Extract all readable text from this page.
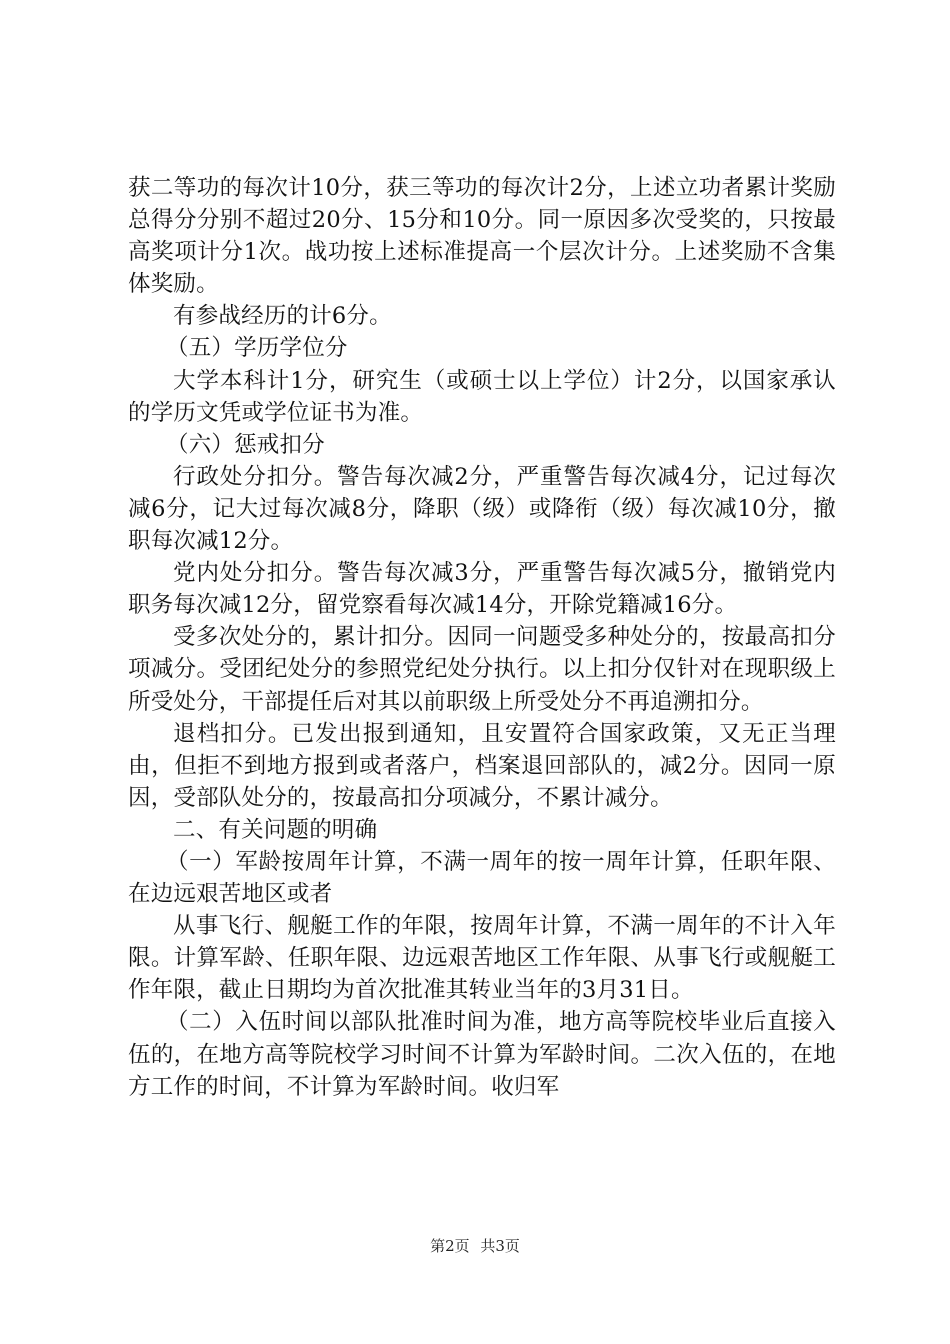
获二等功的每次计10分，获三等功的每次计2分，上述立功者累计奖励总得分分别不超过20分、15分和10分。同一原因多次受奖的，只按最高奖项计分1次。战功按上述标准提高一个层次计分。上述奖励不含集体奖励。

有参战经历的计6分。

（五）学历学位分

大学本科计1分，研究生（或硕士以上学位）计2分，以国家承认的学历文凭或学位证书为准。

（六）惩戒扣分

行政处分扣分。警告每次减2分，严重警告每次减4分，记过每次减6分，记大过每次减8分，降职（级）或降衔（级）每次减10分，撤职每次减12分。

党内处分扣分。警告每次减3分，严重警告每次减5分，撤销党内职务每次减12分，留党察看每次减14分，开除党籍减16分。

受多次处分的，累计扣分。因同一问题受多种处分的，按最高扣分项减分。受团纪处分的参照党纪处分执行。以上扣分仅针对在现职级上所受处分，干部提任后对其以前职级上所受处分不再追溯扣分。

退档扣分。已发出报到通知，且安置符合国家政策，又无正当理由，但拒不到地方报到或者落户，档案退回部队的，减2分。因同一原因，受部队处分的，按最高扣分项减分，不累计减分。

二、有关问题的明确

（一）军龄按周年计算，不满一周年的按一周年计算，任职年限、在边远艰苦地区或者

从事飞行、舰艇工作的年限，按周年计算，不满一周年的不计入年限。计算军龄、任职年限、边远艰苦地区工作年限、从事飞行或舰艇工作年限，截止日期均为首次批准其转业当年的3月31日。

（二）入伍时间以部队批准时间为准，地方高等院校毕业后直接入伍的，在地方高等院校学习时间不计算为军龄时间。二次入伍的，在地方工作的时间，不计算为军龄时间。收归军

第2页 共3页
